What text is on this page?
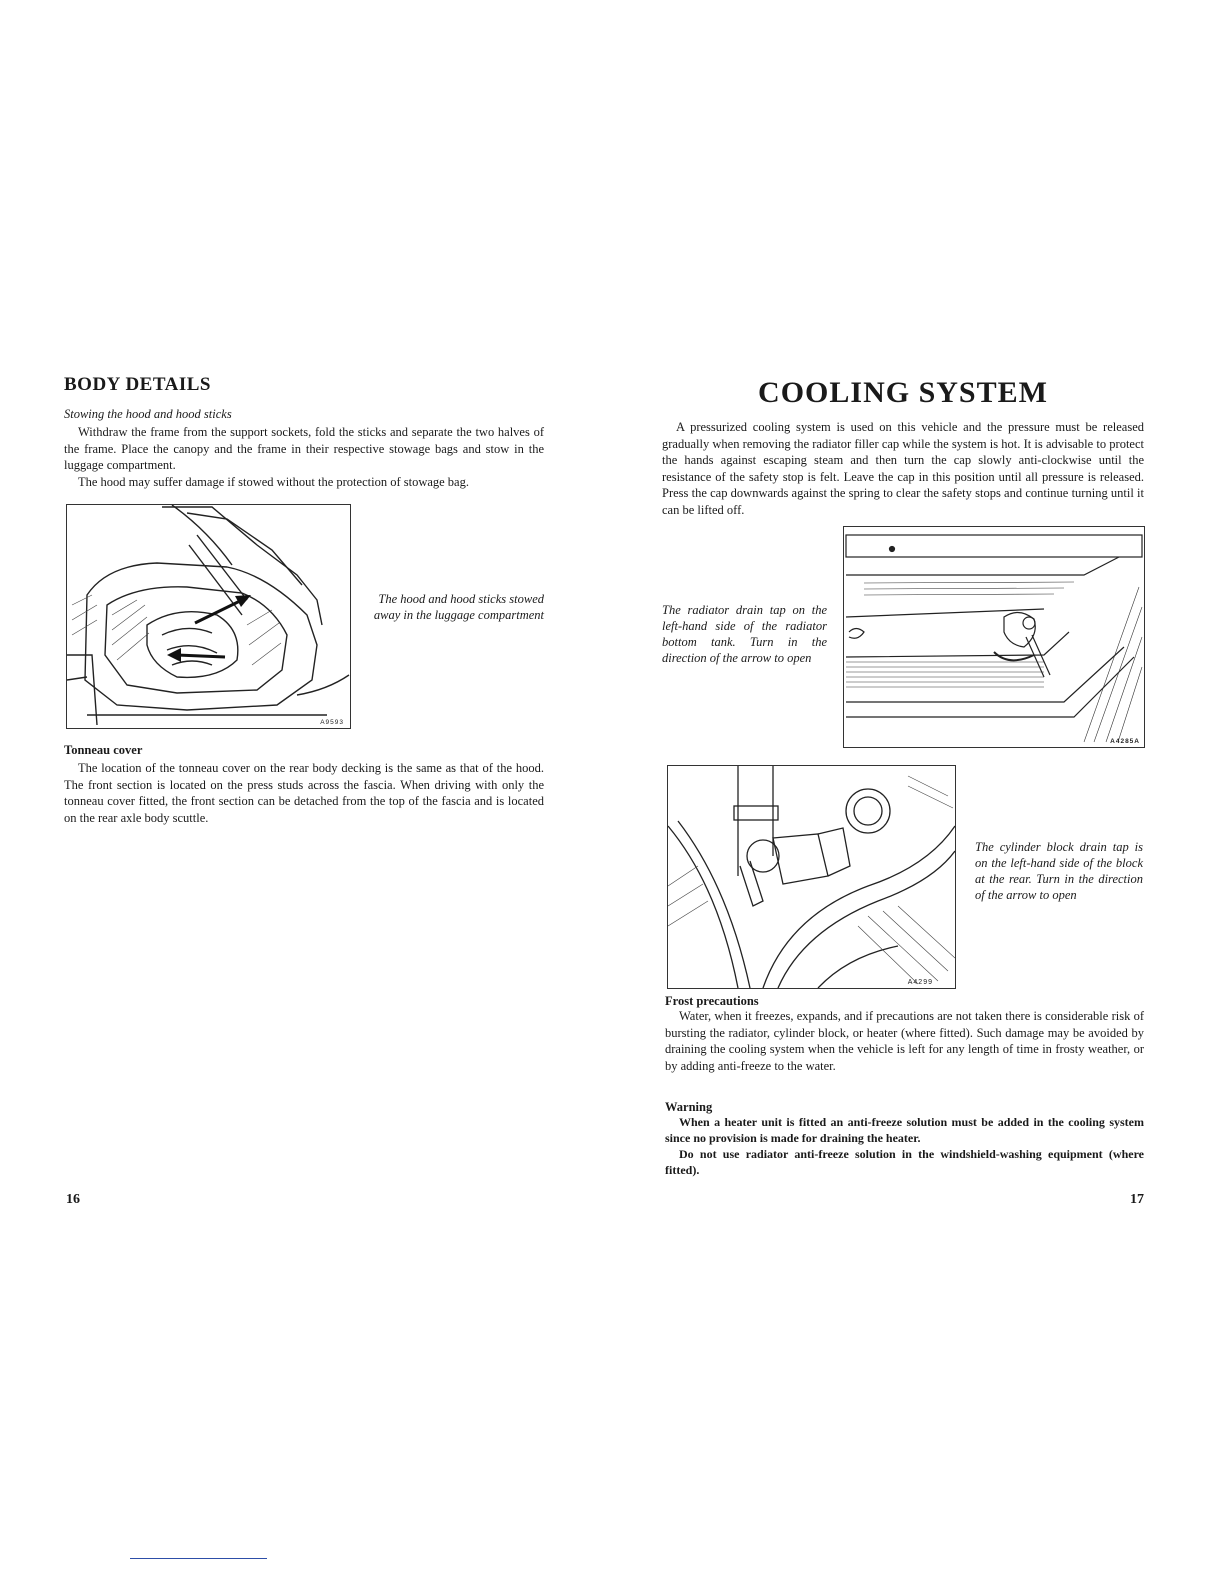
BODY DETAILS
Stowing the hood and hood sticks

Withdraw the frame from the support sockets, fold the sticks and separate the two halves of the frame. Place the canopy and the frame in their respective stowage bags and stow in the luggage compartment.

The hood may suffer damage if stowed without the protection of stowage bag.

A9593
The hood and hood sticks stowed away in the luggage compartment
Tonneau cover

The location of the tonneau cover on the rear body decking is the same as that of the hood. The front section is located on the press studs across the fascia. When driving with only the tonneau cover fitted, the front section can be detached from the top of the fascia and is located on the rear axle body scuttle.

16
COOLING SYSTEM

A pressurized cooling system is used on this vehicle and the pressure must be released gradually when removing the radiator filler cap while the system is hot. It is advisable to protect the hands against escaping steam and then turn the cap slowly anti-clockwise until the resistance of the safety stop is felt. Leave the cap in this position until all pressure is released. Press the cap downwards against the spring to clear the safety stops and continue turning until it can be lifted off.

The radiator drain tap on the left-hand side of the radiator bottom tank. Turn in the direction of the arrow to open
A4285A
A4299
The cylinder block drain tap is on the left-hand side of the block at the rear. Turn in the direction of the arrow to open
Frost precautions

Water, when it freezes, expands, and if precautions are not taken there is considerable risk of bursting the radiator, cylinder block, or heater (where fitted). Such damage may be avoided by draining the cooling system when the vehicle is left for any length of time in frosty weather, or by adding anti-freeze to the water.

Warning

When a heater unit is fitted an anti-freeze solution must be added in the cooling system since no provision is made for draining the heater.

Do not use radiator anti-freeze solution in the windshield-washing equipment (where fitted).

17
